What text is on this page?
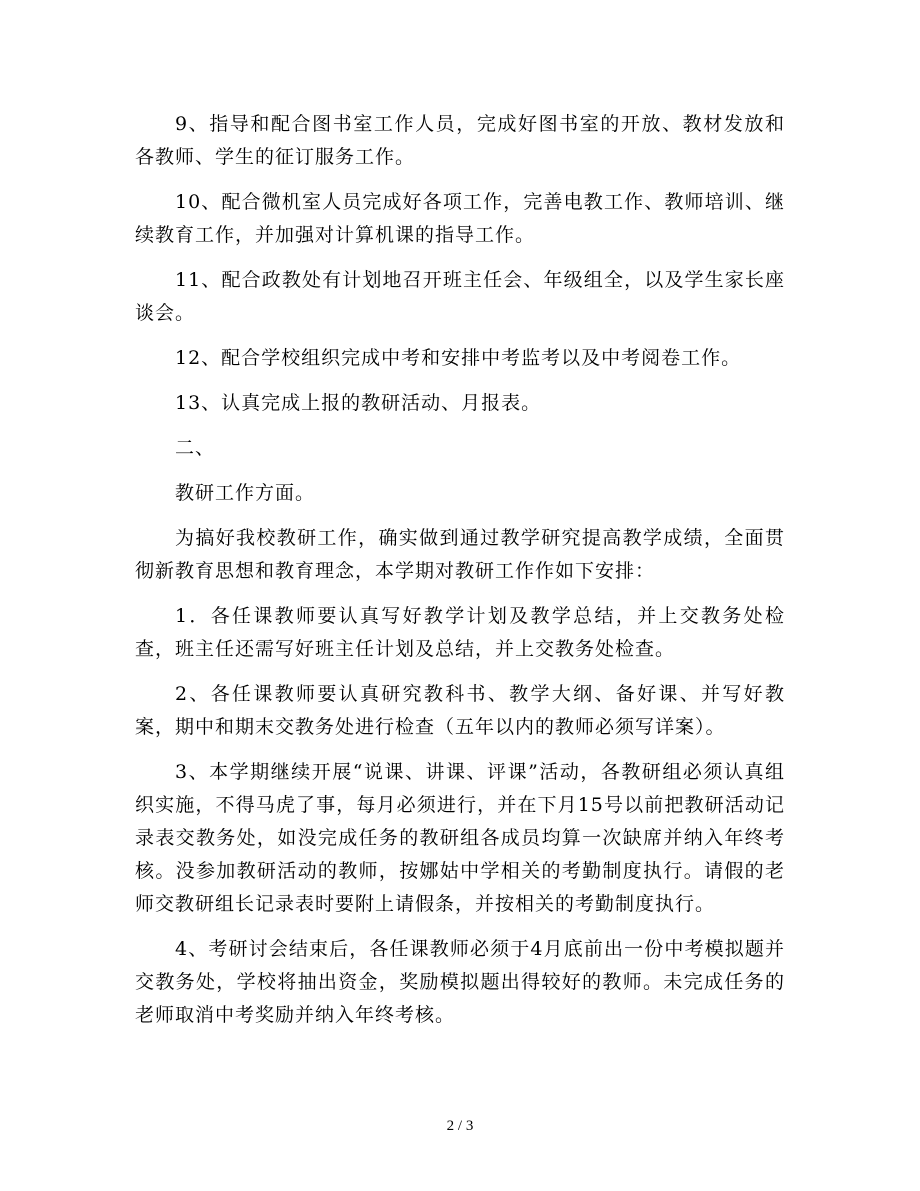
9、指导和配合图书室工作人员，完成好图书室的开放、教材发放和各教师、学生的征订服务工作。

10、配合微机室人员完成好各项工作，完善电教工作、教师培训、继续教育工作，并加强对计算机课的指导工作。

11、配合政教处有计划地召开班主任会、年级组全，以及学生家长座谈会。

12、配合学校组织完成中考和安排中考监考以及中考阅卷工作。

13、认真完成上报的教研活动、月报表。

二、

教研工作方面。

为搞好我校教研工作，确实做到通过教学研究提高教学成绩，全面贯彻新教育思想和教育理念，本学期对教研工作作如下安排：

1．各任课教师要认真写好教学计划及教学总结，并上交教务处检查，班主任还需写好班主任计划及总结，并上交教务处检查。

2、各任课教师要认真研究教科书、教学大纲、备好课、并写好教案，期中和期末交教务处进行检查（五年以内的教师必须写详案）。

3、本学期继续开展“说课、讲课、评课”活动，各教研组必须认真组织实施，不得马虎了事，每月必须进行，并在下月15号以前把教研活动记录表交教务处，如没完成任务的教研组各成员均算一次缺席并纳入年终考核。没参加教研活动的教师，按娜姑中学相关的考勤制度执行。请假的老师交教研组长记录表时要附上请假条，并按相关的考勤制度执行。

4、考研讨会结束后，各任课教师必须于4月底前出一份中考模拟题并交教务处，学校将抽出资金，奖励模拟题出得较好的教师。未完成任务的老师取消中考奖励并纳入年终考核。

2 / 3
